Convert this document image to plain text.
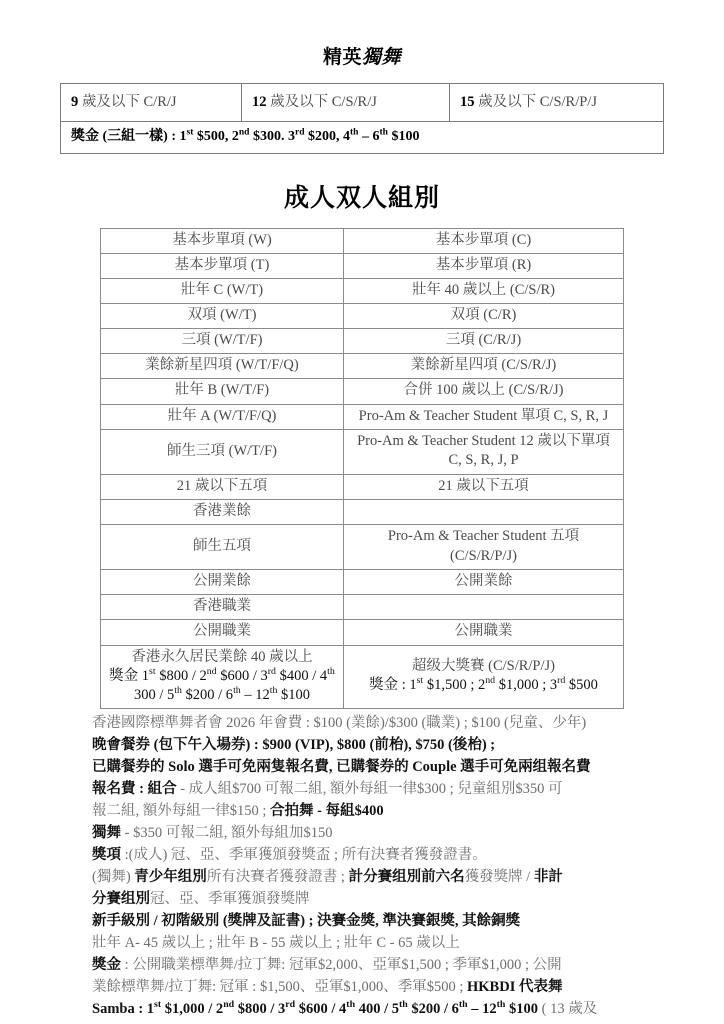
精英獨舞
9 歲及以下 C/R/J	12 歲及以下 C/S/R/J	15 歲及以下 C/S/R/P/J
獎金 (三組一樣) : 1st $500, 2nd $300. 3rd $200, 4th – 6th $100
成人双人組別
基本步單項 (W)	基本步單項 (C)
基本步單項 (T)	基本步單項 (R)
壯年 C (W/T)	壯年 40 歲以上 (C/S/R)
双項 (W/T)	双項 (C/R)
三項 (W/T/F)	三項 (C/R/J)
業餘新星四項 (W/T/F/Q)	業餘新星四項 (C/S/R/J)
壯年 B (W/T/F)	合併 100 歲以上 (C/S/R/J)
壯年 A (W/T/F/Q)	Pro-Am & Teacher Student 單項 C, S, R, J
師生三項 (W/T/F)	Pro-Am & Teacher Student 12 歲以下單項
C, S, R, J, P
21 歲以下五項	21 歲以下五項
香港業餘	
師生五項	Pro-Am & Teacher Student 五項
(C/S/R/P/J)
公開業餘	公開業餘
香港職業	
公開職業	公開職業

香港永久居民業餘 40 歲以上
獎金 1st $800 / 2nd $600 / 3rd $400 / 4th
300 / 5th $200 / 6th – 12th $100	超级大獎賽 (C/S/R/P/J)
獎金 : 1st $1,500 ; 2nd $1,000 ; 3rd $500

香港國際標準舞者會 2026 年會費 : $100 (業餘)/$300 (職業) ; $100 (兒童、少年)

晚會餐券 (包下午入場券) : $900 (VIP), $800 (前枱), $750 (後枱) ;

已購餐券的 Solo 選手可免兩隻報名費, 已購餐券的 Couple 選手可免兩组報名費

報名費 : 組合 - 成人組$700 可報二組, 額外每組一律$300 ; 兒童組別$350 可

報二組, 額外每組一律$150 ; 合拍舞 - 每組$400

獨舞 - $350 可報二組, 額外每組加$150

獎項 :(成人) 冠、亞、季軍獲頒發獎盃 ; 所有決賽者獲發證書。

(獨舞) 青少年组別所有決賽者獲發證書 ; 計分賽组別前六名獲發獎牌 / 非計

分賽组別冠、亞、季軍獲頒發獎牌

新手級別 / 初階級別 (獎牌及証書) ; 決賽金獎, 準決賽銀獎, 其餘銅獎

壯年 A- 45 歲以上 ; 壯年 B - 55 歲以上 ; 壯年 C - 65 歲以上

獎金 : 公開職業標準舞/拉丁舞: 冠軍$2,000、亞軍$1,500 ; 季軍$1,000 ; 公開

業餘標準舞/拉丁舞: 冠軍 : $1,500、亞軍$1,000、季軍$500 ; HKBDI 代表舞

Samba : 1st $1,000 / 2nd $800 / 3rd $600 / 4th 400 / 5th $200 / 6th – 12th $100 ( 13 歲及
